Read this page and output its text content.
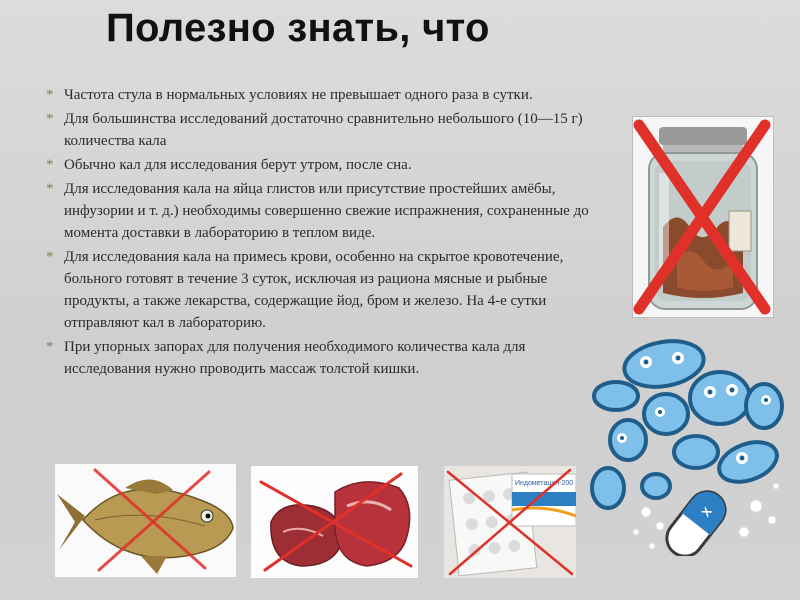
Полезно знать, что
* Частота стула в нормальных условиях не превышает одного раза в сутки.
* Для большинства исследований достаточно сравнительно небольшого (10—15 г) количества кала
* Обычно кал для исследования берут утром, после сна.
* Для исследования кала на яйца глистов или присутствие простейших амёбы, инфузории и т. д.) необходимы совершенно свежие испражнения, сохраненные до момента доставки в лабораторию в теплом виде.
* Для исследования кала на примесь крови, особенно на скрытое кровотечение, больного готовят в течение 3 суток, исключая из рациона мясные и рыбные продукты, а также лекарства, содержащие йод, бром и железо. На 4-е сутки отправляют кал в лабораторию.
* При упорных запорах для получения необходимого количества кала для исследования нужно проводить массаж толстой кишки.
X
Индометацин-200
